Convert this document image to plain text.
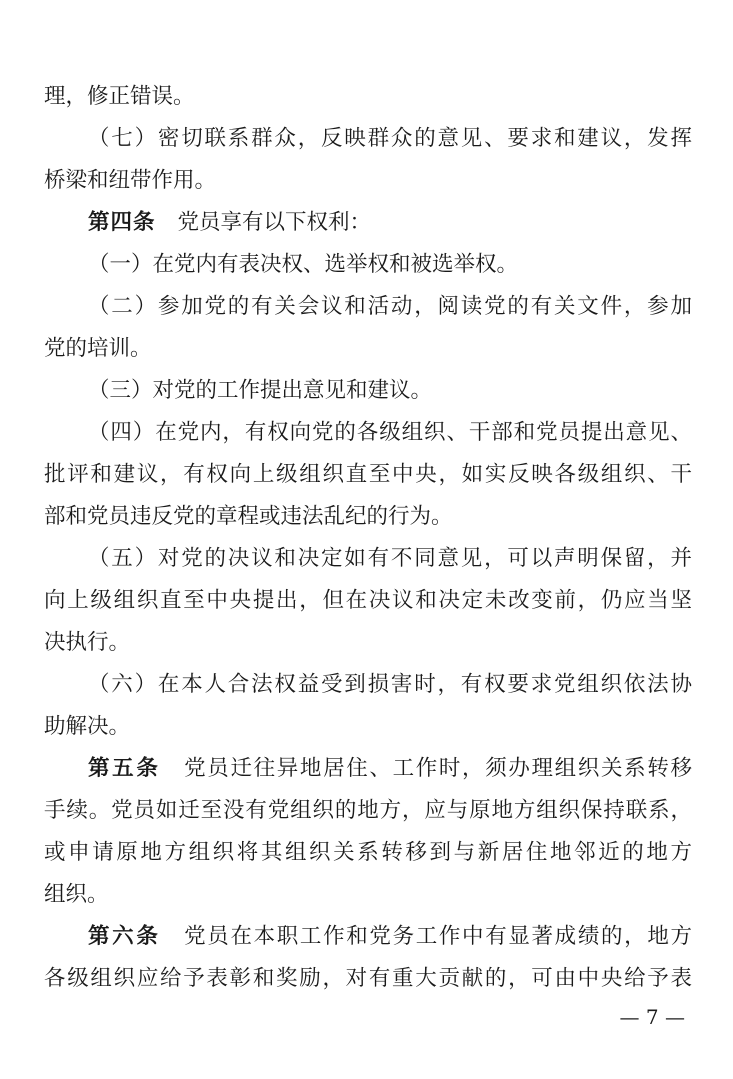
理，修正错误。
（七）密切联系群众，反映群众的意见、要求和建议，发挥
桥梁和纽带作用。
第四条 党员享有以下权利：
（一）在党内有表决权、选举权和被选举权。
（二）参加党的有关会议和活动，阅读党的有关文件，参加
党的培训。
（三）对党的工作提出意见和建议。
（四）在党内，有权向党的各级组织、干部和党员提出意见、
批评和建议，有权向上级组织直至中央，如实反映各级组织、干
部和党员违反党的章程或违法乱纪的行为。
（五）对党的决议和决定如有不同意见，可以声明保留，并
向上级组织直至中央提出，但在决议和决定未改变前，仍应当坚
决执行。
（六）在本人合法权益受到损害时，有权要求党组织依法协
助解决。
第五条 党员迁往异地居住、工作时，须办理组织关系转移
手续。党员如迁至没有党组织的地方，应与原地方组织保持联系，
或申请原地方组织将其组织关系转移到与新居住地邻近的地方
组织。
第六条 党员在本职工作和党务工作中有显著成绩的，地方
各级组织应给予表彰和奖励，对有重大贡献的，可由中央给予表
— 7 —
